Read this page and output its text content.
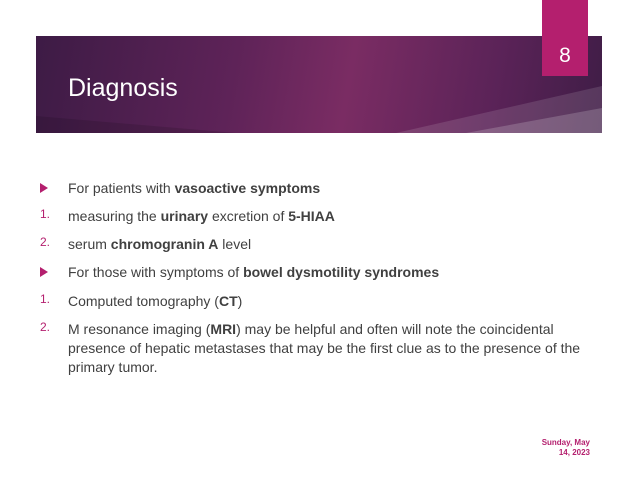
Diagnosis
8
For patients with vasoactive symptoms
1.	measuring the urinary excretion of 5-HIAA
2.	serum chromogranin A level
For those with symptoms of bowel dysmotility syndromes
1.	Computed tomography (CT)
2.	M resonance imaging (MRI) may be helpful and often will note the coincidental presence of hepatic metastases that may be the first clue as to the presence of the primary tumor.
Sunday, May
14, 2023
